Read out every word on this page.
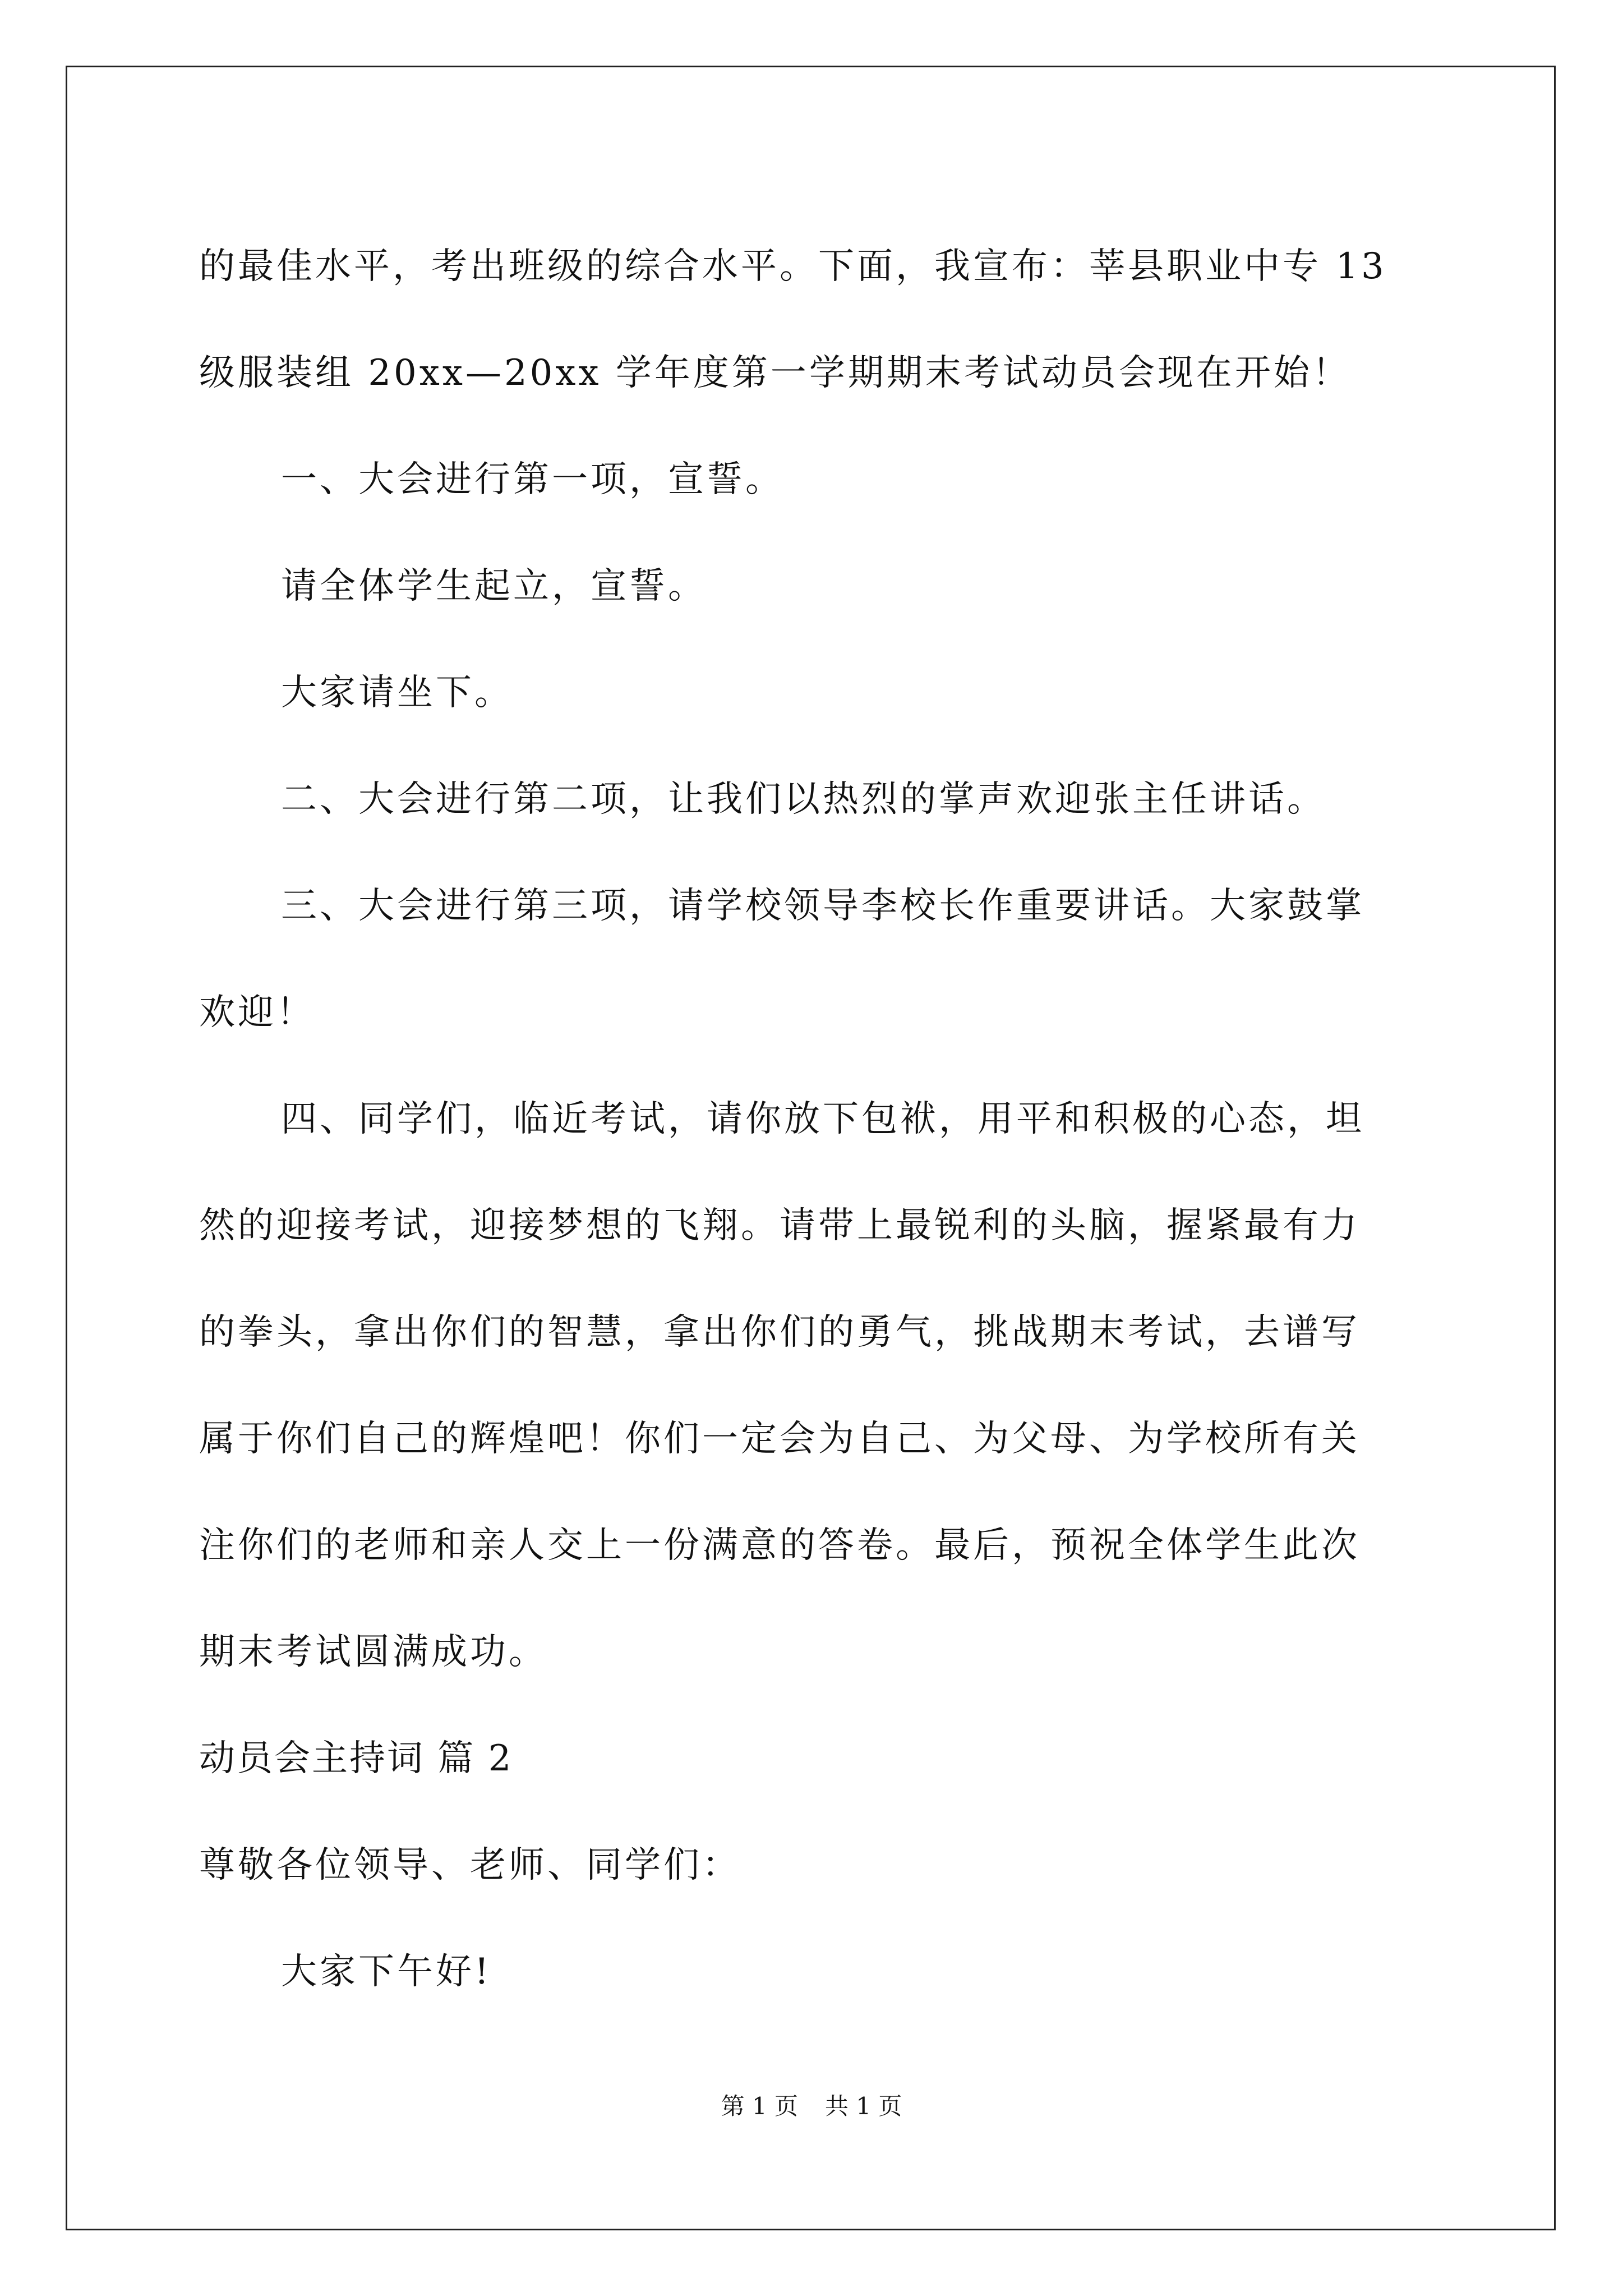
的最佳水平，考出班级的综合水平。下面，我宣布：莘县职业中专 13
级服装组 20xx—20xx 学年度第一学期期末考试动员会现在开始！
一、大会进行第一项，宣誓。
请全体学生起立，宣誓。
大家请坐下。
二、大会进行第二项，让我们以热烈的掌声欢迎张主任讲话。
三、大会进行第三项，请学校领导李校长作重要讲话。大家鼓掌
欢迎！
四、同学们，临近考试，请你放下包袱，用平和积极的心态，坦
然的迎接考试，迎接梦想的飞翔。请带上最锐利的头脑，握紧最有力
的拳头，拿出你们的智慧，拿出你们的勇气，挑战期末考试，去谱写
属于你们自己的辉煌吧！你们一定会为自己、为父母、为学校所有关
注你们的老师和亲人交上一份满意的答卷。最后，预祝全体学生此次
期末考试圆满成功。
动员会主持词 篇 2
尊敬各位领导、老师、同学们：
大家下午好!
第 1 页 共 1 页
